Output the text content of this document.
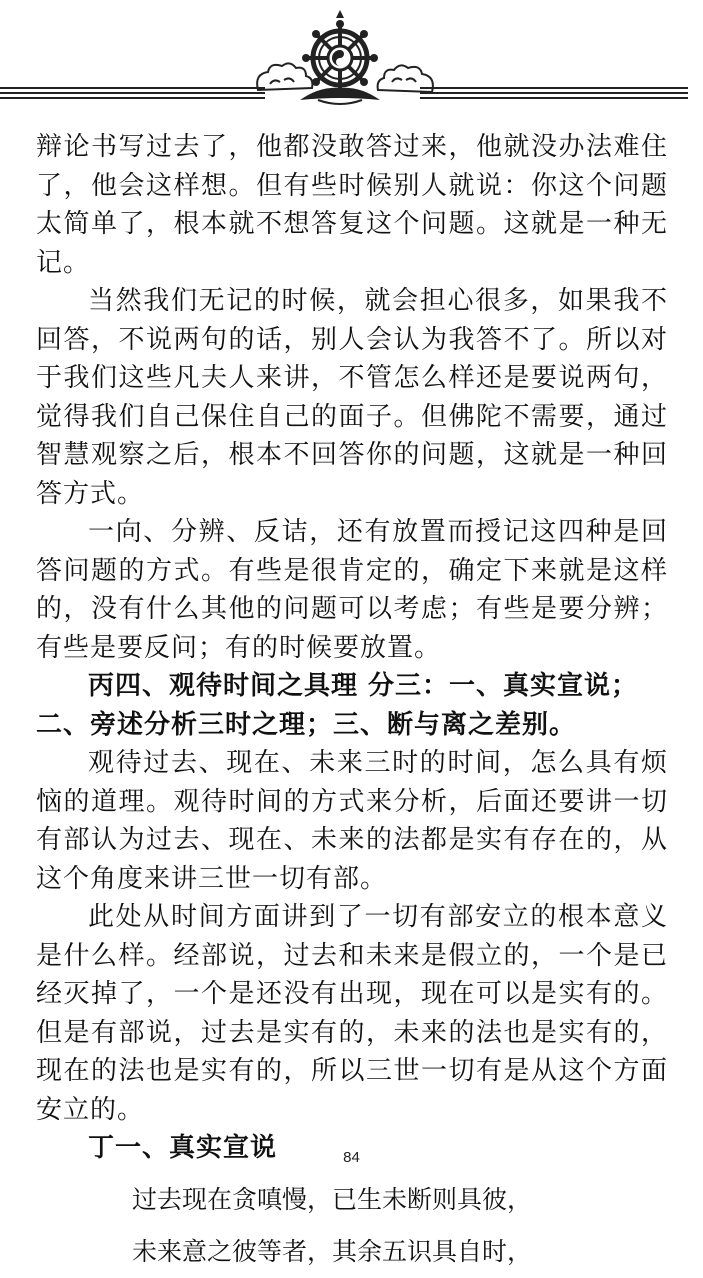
辩论书写过去了，他都没敢答过来，他就没办法难住了，他会这样想。但有些时候别人就说：你这个问题太简单了，根本就不想答复这个问题。这就是一种无记。

当然我们无记的时候，就会担心很多，如果我不回答，不说两句的话，别人会认为我答不了。所以对于我们这些凡夫人来讲，不管怎么样还是要说两句，觉得我们自己保住自己的面子。但佛陀不需要，通过智慧观察之后，根本不回答你的问题，这就是一种回答方式。

一向、分辨、反诘，还有放置而授记这四种是回答问题的方式。有些是很肯定的，确定下来就是这样的，没有什么其他的问题可以考虑；有些是要分辨；有些是要反问；有的时候要放置。

丙四、观待时间之具理 分三：一、真实宣说；二、旁述分析三时之理；三、断与离之差别。

观待过去、现在、未来三时的时间，怎么具有烦恼的道理。观待时间的方式来分析，后面还要讲一切有部认为过去、现在、未来的法都是实有存在的，从这个角度来讲三世一切有部。

此处从时间方面讲到了一切有部安立的根本意义是什么样。经部说，过去和未来是假立的，一个是已经灭掉了，一个是还没有出现，现在可以是实有的。但是有部说，过去是实有的，未来的法也是实有的，现在的法也是实有的，所以三世一切有是从这个方面安立的。

丁一、真实宣说

过去现在贪嗔慢，已生未断则具彼，

未来意之彼等者，其余五识具自时，

84
